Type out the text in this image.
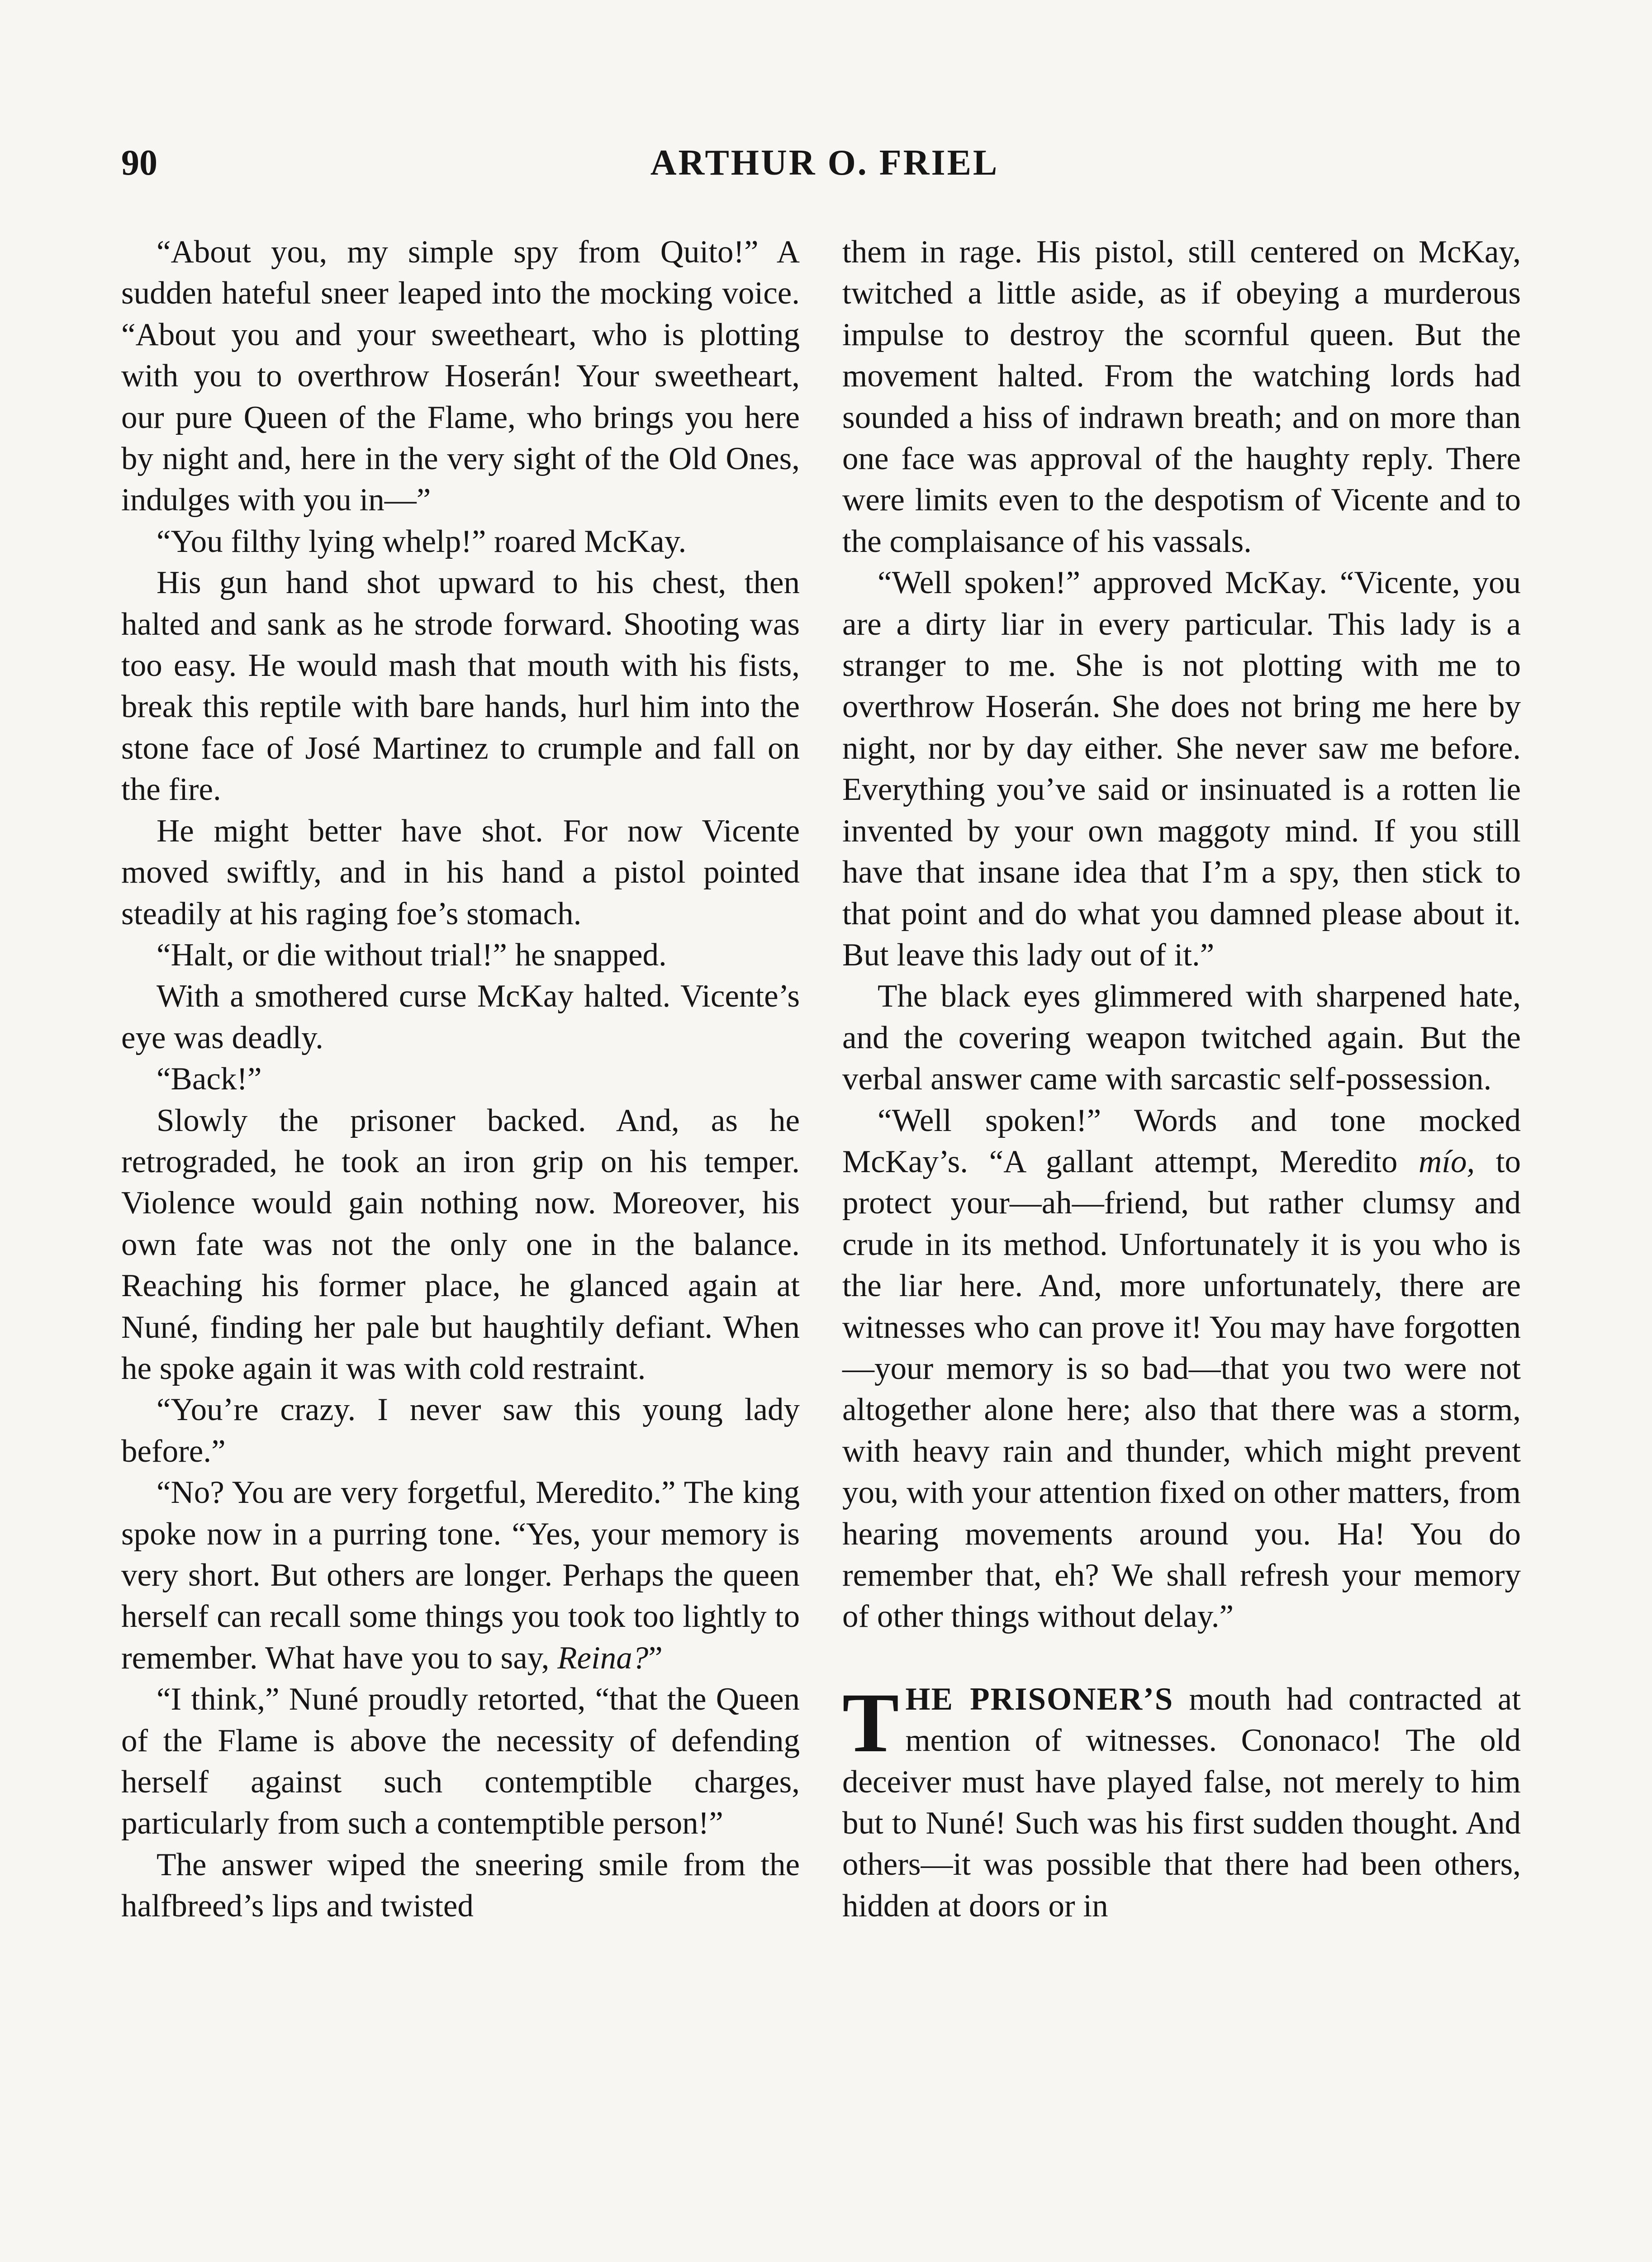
90	ARTHUR O. FRIEL

“About you, my simple spy from Quito!” A sudden hateful sneer leaped into the mocking voice. “About you and your sweetheart, who is plotting with you to overthrow Hoserán! Your sweetheart, our pure Queen of the Flame, who brings you here by night and, here in the very sight of the Old Ones, indulges with you in—”

“You filthy lying whelp!” roared McKay.

His gun hand shot upward to his chest, then halted and sank as he strode forward. Shooting was too easy. He would mash that mouth with his fists, break this reptile with bare hands, hurl him into the stone face of José Martinez to crumple and fall on the fire.

He might better have shot. For now Vicente moved swiftly, and in his hand a pistol pointed steadily at his raging foe’s stomach.

“Halt, or die without trial!” he snapped.

With a smothered curse McKay halted. Vicente’s eye was deadly.

“Back!”

Slowly the prisoner backed. And, as he retrograded, he took an iron grip on his temper. Violence would gain nothing now. Moreover, his own fate was not the only one in the balance. Reaching his former place, he glanced again at Nuné, finding her pale but haughtily defiant. When he spoke again it was with cold restraint.

“You’re crazy. I never saw this young lady before.”

“No? You are very forgetful, Meredito.” The king spoke now in a purring tone. “Yes, your memory is very short. But others are longer. Perhaps the queen herself can recall some things you took too lightly to remember. What have you to say, Reina?”

“I think,” Nuné proudly retorted, “that the Queen of the Flame is above the necessity of defending herself against such contemptible charges, particularly from such a contemptible person!”

The answer wiped the sneering smile from the halfbreed’s lips and twisted

them in rage. His pistol, still centered on McKay, twitched a little aside, as if obeying a murderous impulse to destroy the scornful queen. But the movement halted. From the watching lords had sounded a hiss of indrawn breath; and on more than one face was approval of the haughty reply. There were limits even to the despotism of Vicente and to the complaisance of his vassals.

“Well spoken!” approved McKay. “Vicente, you are a dirty liar in every particular. This lady is a stranger to me. She is not plotting with me to overthrow Hoserán. She does not bring me here by night, nor by day either. She never saw me before. Everything you’ve said or insinuated is a rotten lie invented by your own maggoty mind. If you still have that insane idea that I’m a spy, then stick to that point and do what you damned please about it. But leave this lady out of it.”

The black eyes glimmered with sharpened hate, and the covering weapon twitched again. But the verbal answer came with sarcastic self-possession.

“Well spoken!” Words and tone mocked McKay’s. “A gallant attempt, Meredito mío, to protect your—ah—friend, but rather clumsy and crude in its method. Unfortunately it is you who is the liar here. And, more unfortunately, there are witnesses who can prove it! You may have forgotten—your memory is so bad—that you two were not altogether alone here; also that there was a storm, with heavy rain and thunder, which might prevent you, with your attention fixed on other matters, from hearing movements around you. Ha! You do remember that, eh? We shall refresh your memory of other things without delay.”

THE PRISONER’S mouth had contracted at mention of witnesses. Cononaco! The old deceiver must have played false, not merely to him but to Nuné! Such was his first sudden thought. And others—it was possible that there had been others, hidden at doors or in
